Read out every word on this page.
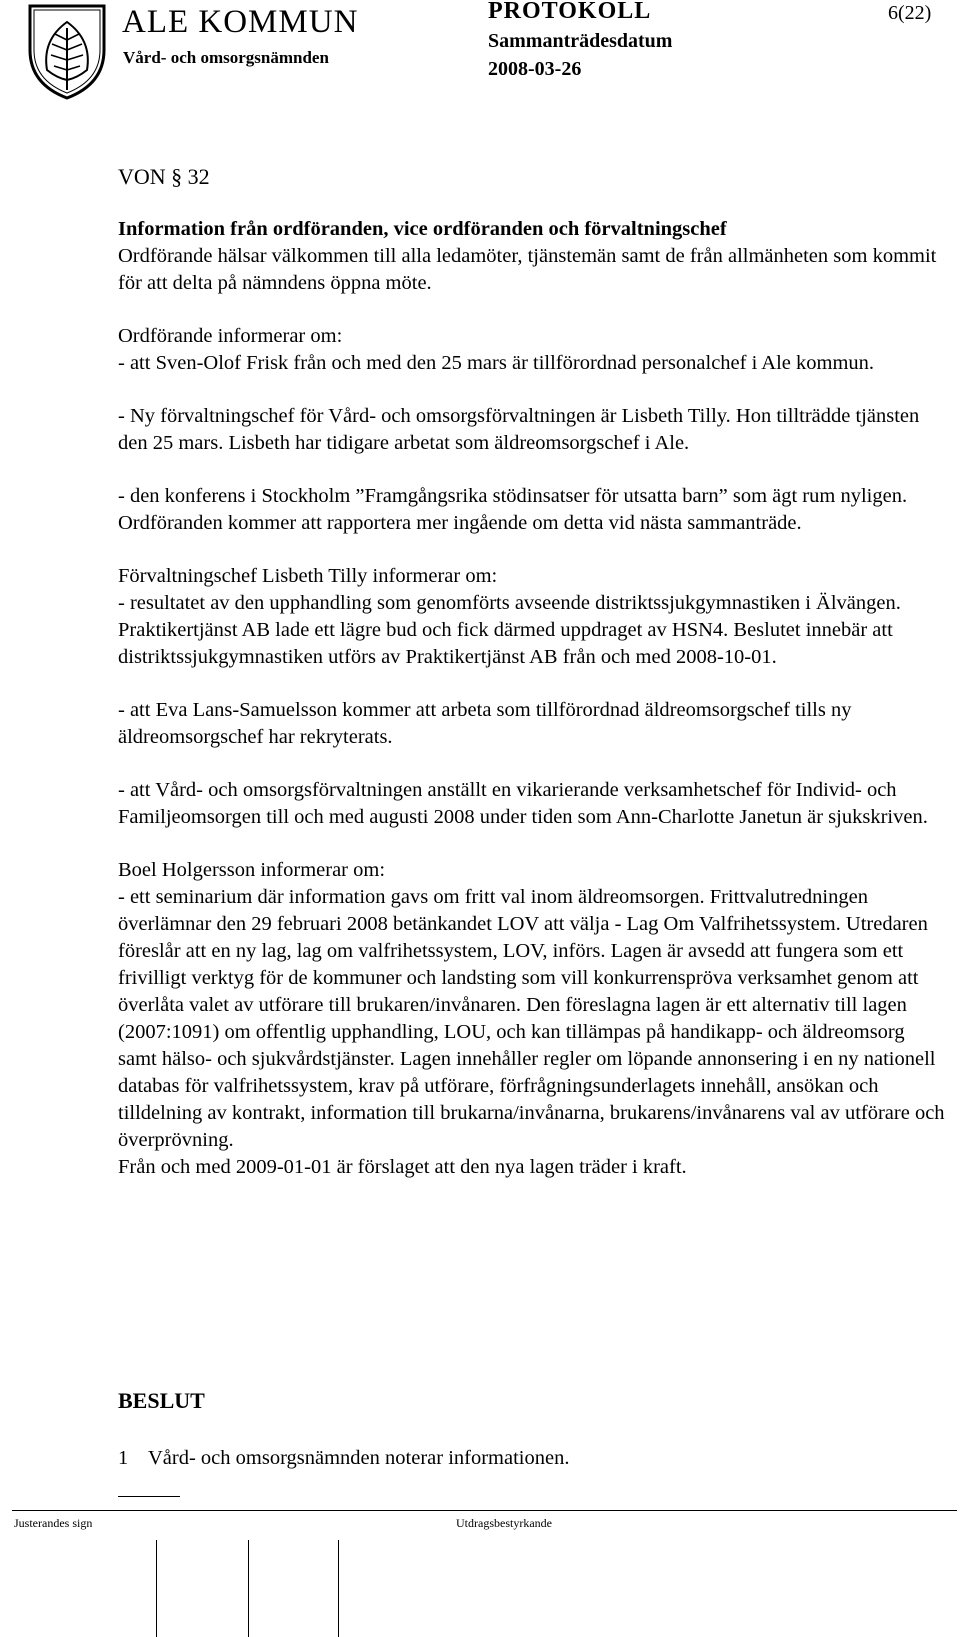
ALE KOMMUN
Vård- och omsorgsnämnden
PROTOKOLL	6(22)
Sammanträdesdatum
2008-03-26
VON § 32

Information från ordföranden, vice ordföranden och förvaltningschef

Ordförande hälsar välkommen till alla ledamöter, tjänstemän samt de från allmänheten som kommit för att delta på nämndens öppna möte.

Ordförande informerar om:

- att Sven-Olof Frisk från och med den 25 mars är tillförordnad personalchef i Ale kommun.

- Ny förvaltningschef för Vård- och omsorgsförvaltningen är Lisbeth Tilly. Hon tillträdde tjänsten den 25 mars. Lisbeth har tidigare arbetat som äldreomsorgschef i Ale.

- den konferens i Stockholm ”Framgångsrika stödinsatser för utsatta barn” som ägt rum nyligen. Ordföranden kommer att rapportera mer ingående om detta vid nästa sammanträde.

Förvaltningschef Lisbeth Tilly informerar om:

- resultatet av den upphandling som genomförts avseende distriktssjukgymnastiken i Älvängen. Praktikertjänst AB lade ett lägre bud och fick därmed uppdraget av HSN4. Beslutet innebär att distriktssjukgymnastiken utförs av Praktikertjänst AB från och med 2008-10-01.

- att Eva Lans-Samuelsson kommer att arbeta som tillförordnad äldreomsorgschef tills ny äldreomsorgschef har rekryterats.

- att Vård- och omsorgsförvaltningen anställt en vikarierande verksamhetschef för Individ- och Familjeomsorgen till och med augusti 2008 under tiden som Ann-Charlotte Janetun är sjukskriven.

Boel Holgersson informerar om:

- ett seminarium där information gavs om fritt val inom äldreomsorgen. Frittvalutredningen överlämnar den 29 februari 2008 betänkandet LOV att välja - Lag Om Valfrihetssystem. Utredaren föreslår att en ny lag, lag om valfrihetssystem, LOV, införs. Lagen är avsedd att fungera som ett frivilligt verktyg för de kommuner och landsting som vill konkurrenspröva verksamhet genom att överlåta valet av utförare till brukaren/invånaren. Den föreslagna lagen är ett alternativ till lagen (2007:1091) om offentlig upphandling, LOU, och kan tillämpas på handikapp- och äldreomsorg samt hälso- och sjukvårdstjänster. Lagen innehåller regler om löpande annonsering i en ny nationell databas för valfrihetssystem, krav på utförare, förfrågningsunderlagets innehåll, ansökan och tilldelning av kontrakt, information till brukarna/invånarna, brukarens/invånarens val av utförare och överprövning.

Från och med 2009-01-01 är förslaget att den nya lagen träder i kraft.

BESLUT
1 Vård- och omsorgsnämnden noterar informationen.
Justerandes sign	Utdragsbestyrkande
